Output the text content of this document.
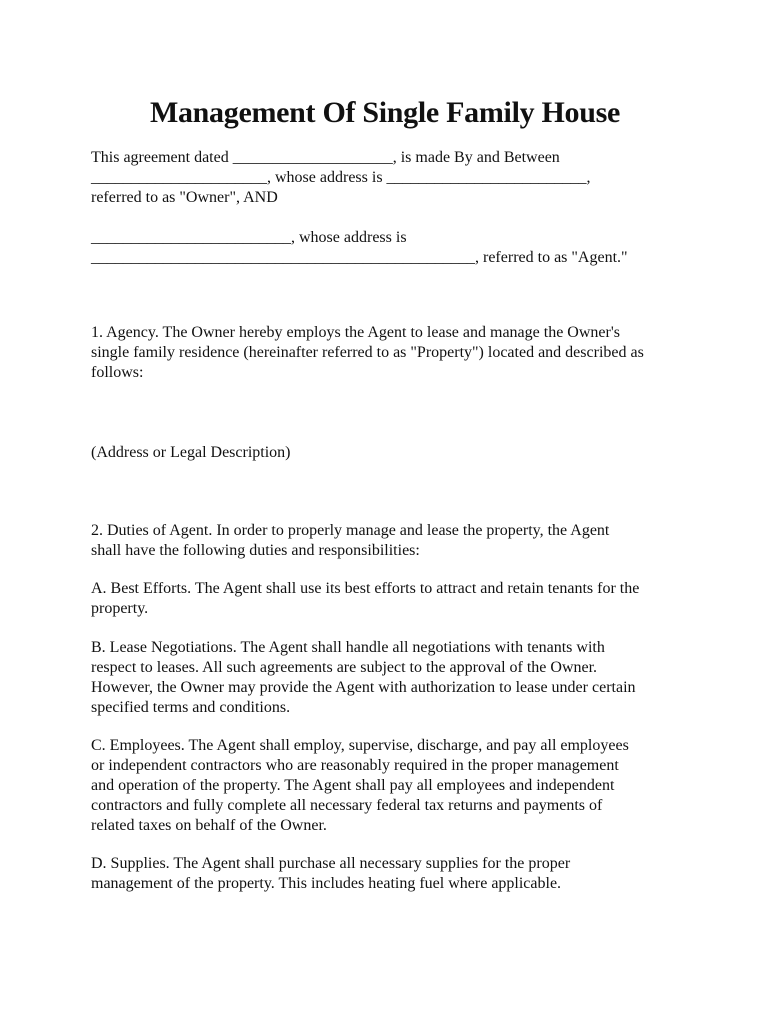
Management Of Single Family House

This agreement dated ____________________, is made By and Between
______________________, whose address is _________________________,
referred to as "Owner", AND

_________________________, whose address is
________________________________________________, referred to as "Agent."

1. Agency. The Owner hereby employs the Agent to lease and manage the Owner's
single family residence (hereinafter referred to as "Property") located and described as
follows:

(Address or Legal Description)

2. Duties of Agent. In order to properly manage and lease the property, the Agent
shall have the following duties and responsibilities:

A. Best Efforts. The Agent shall use its best efforts to attract and retain tenants for the
property.

B. Lease Negotiations. The Agent shall handle all negotiations with tenants with
respect to leases. All such agreements are subject to the approval of the Owner.
However, the Owner may provide the Agent with authorization to lease under certain
specified terms and conditions.

C. Employees. The Agent shall employ, supervise, discharge, and pay all employees
or independent contractors who are reasonably required in the proper management
and operation of the property. The Agent shall pay all employees and independent
contractors and fully complete all necessary federal tax returns and payments of
related taxes on behalf of the Owner.

D. Supplies. The Agent shall purchase all necessary supplies for the proper
management of the property. This includes heating fuel where applicable.
